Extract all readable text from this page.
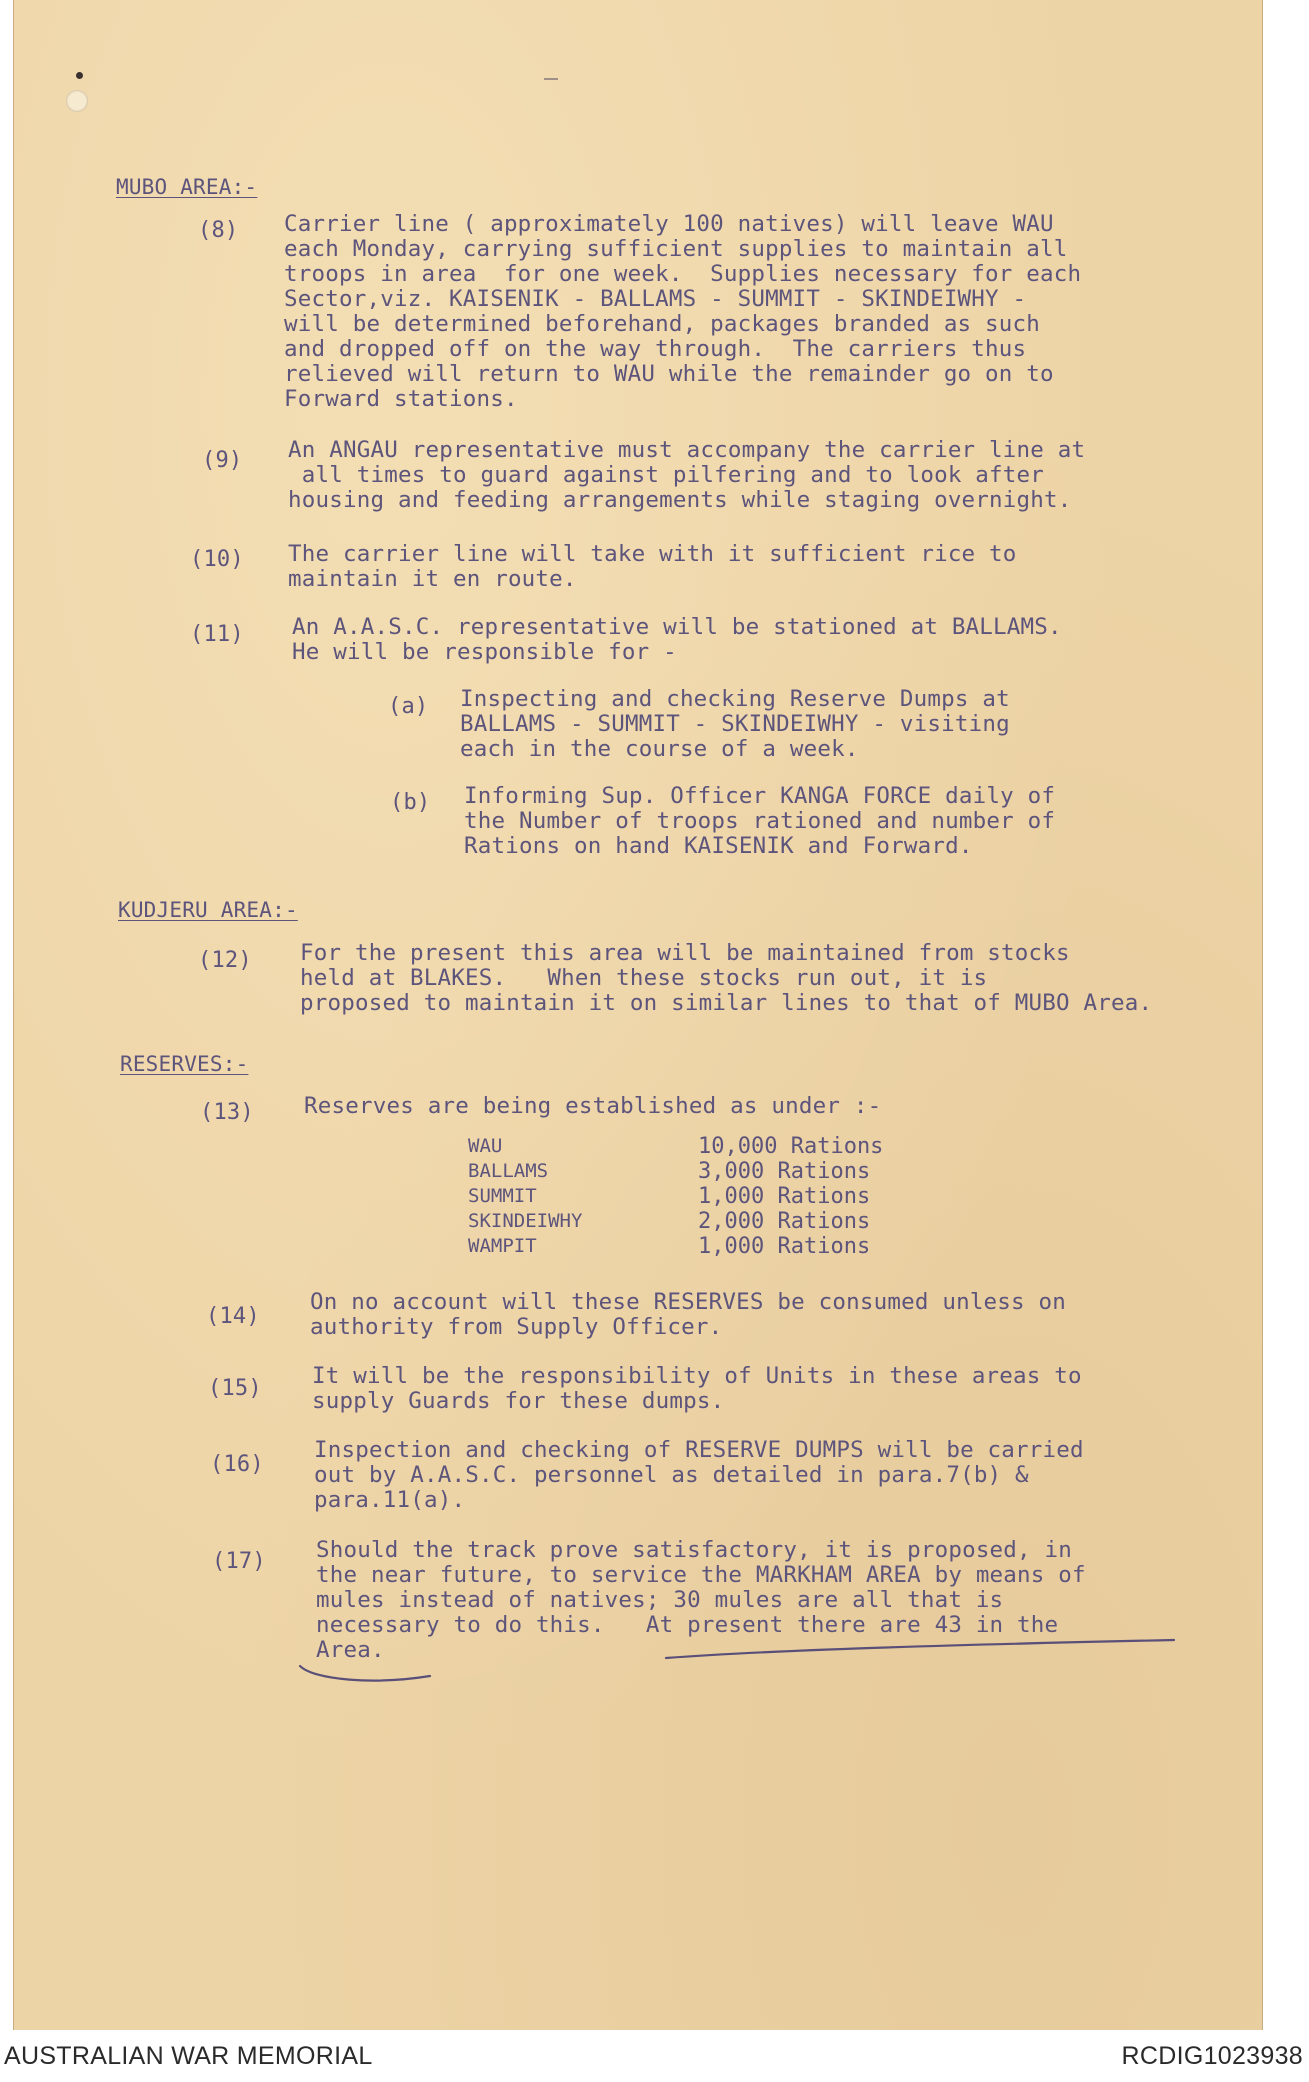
MUBO AREA:-

(8) Carrier line ( approximately 100 natives) will leave WAU

each Monday, carrying sufficient supplies to maintain all

troops in area  for one week.  Supplies necessary for each

Sector,viz. KAISENIK - BALLAMS - SUMMIT - SKINDEIWHY -

will be determined beforehand, packages branded as such

and dropped off on the way through.  The carriers thus

relieved will return to WAU while the remainder go on to

Forward stations.

(9) An ANGAU representative must accompany the carrier line at

all times to guard against pilfering and to look after

housing and feeding arrangements while staging overnight.

(10) The carrier line will take with it sufficient rice to

maintain it en route.

(11) An A.A.S.C. representative will be stationed at BALLAMS.

He will be responsible for -

(a) Inspecting and checking Reserve Dumps at

BALLAMS - SUMMIT - SKINDEIWHY - visiting

each in the course of a week.

(b) Informing Sup. Officer KANGA FORCE daily of

the Number of troops rationed and number of

Rations on hand KAISENIK and Forward.

KUDJERU AREA:-

(12) For the present this area will be maintained from stocks

held at BLAKES.   When these stocks run out, it is

proposed to maintain it on similar lines to that of MUBO Area.

RESERVES:-

(13) Reserves are being established as under :-

WAU	10,000 Rations
BALLAMS	3,000 Rations
SUMMIT	1,000 Rations
SKINDEIWHY	2,000 Rations
WAMPIT	1,000 Rations

(14)

On no account will these RESERVES be consumed unless on

authority from Supply Officer.

(15) It will be the responsibility of Units in these areas to

supply Guards for these dumps.

(16)

Inspection and checking of RESERVE DUMPS will be carried

out by A.A.S.C. personnel as detailed in para.7(b) &

para.11(a).

(17) Should the track prove satisfactory, it is proposed, in

the near future, to service the MARKHAM AREA by means of

mules instead of natives; 30 mules are all that is

necessary to do this.   At present there are 43 in the

Area.

AUSTRALIAN WAR MEMORIAL	RCDIG1023938
